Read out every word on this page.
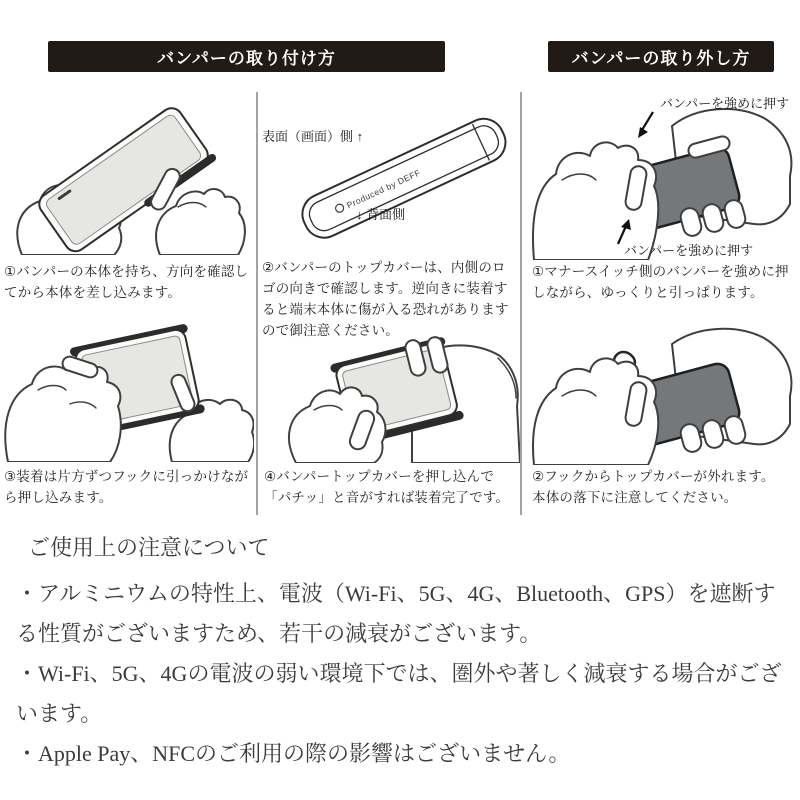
バンパーの取り付け方	バンパーの取り外し方
①バンパーの本体を持ち、方向を確認してから本体を差し込みます。
Produced by DEFF
表面（画面）側 ↑
↓ 背面側
②バンパーのトップカバーは、内側のロゴの向きで確認します。逆向きに装着すると端末本体に傷が入る恐れがありますので御注意ください。
③装着は片方ずつフックに引っかけながら押し込みます。
④バンパートップカバーを押し込んで「パチッ」と音がすれば装着完了です。
バンパーを強めに押す
バンパーを強めに押す
①マナースイッチ側のバンパーを強めに押しながら、ゆっくりと引っぱります。
②フックからトップカバーが外れます。本体の落下に注意してください。

ご使用上の注意について

・アルミニウムの特性上、電波（Wi-Fi、5G、4G、Bluetooth、GPS）を遮断する性質がございますため、若干の減衰がございます。
・Wi-Fi、5G、4Gの電波の弱い環境下では、圏外や著しく減衰する場合がございます。
・Apple Pay、NFCのご利用の際の影響はございません。
